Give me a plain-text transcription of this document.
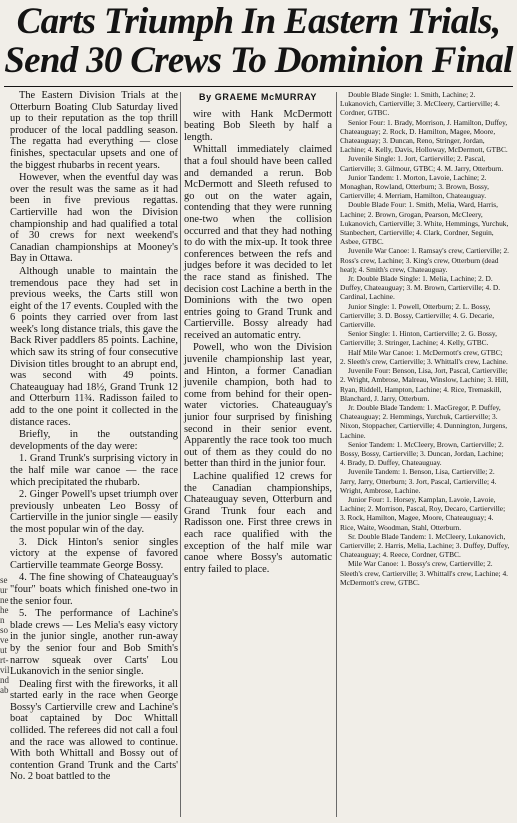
Carts Triumph In Eastern Trials,
Send 30 Crews To Dominion Final

The Eastern Division Trials at the Otterburn Boating Club Saturday lived up to their reputation as the top thrill producer of the local paddling season. The regatta had everything — close finishes, spectacular upsets and one of the biggest rhubarbs in recent years.

However, when the eventful day was over the result was the same as it had been in five previous regattas. Cartierville had won the Division championship and had qualified a total of 30 crews for next weekend's Canadian championships at Mooney's Bay in Ottawa.

Although unable to maintain the tremendous pace they had set in previous weeks, the Carts still won eight of the 17 events. Coupled with the 6 points they carried over from last week's long distance trials, this gave the Back River paddlers 85 points. Lachine, which saw its string of four consecutive Division titles brought to an abrupt end, was second with 49 points. Chateauguay had 18½, Grand Trunk 12 and Otterburn 11¾. Radisson failed to add to the one point it collected in the distance races.

Briefly, in the outstanding developments of the day were:

1. Grand Trunk's surprising victory in the half mile war canoe — the race which precipitated the rhubarb.

2. Ginger Powell's upset triumph over previously unbeaten Leo Bossy of Cartierville in the junior single — easily the most popular win of the day.

3. Dick Hinton's senior singles victory at the expense of favored Cartierville teammate George Bossy.

4. The fine showing of Chateauguay's "four" boats which finished one-two in the senior four.

5. The performance of Lachine's blade crews — Les Melia's easy victory in the junior single, another run-away by the senior four and Bob Smith's narrow squeak over Carts' Lou Lukanovich in the senior single.

Dealing first with the fireworks, it all started early in the race when George Bossy's Cartierville crew and Lachine's boat captained by Doc Whittall collided. The referees did not call a foul and the race was allowed to continue. With both Whittall and Bossy out of contention Grand Trunk and the Carts' No. 2 boat battled to the

By GRAEME McMURRAY

wire with Hank McDermott beating Bob Sleeth by half a length.

Whittall immediately claimed that a foul should have been called and demanded a rerun. Bob McDermott and Sleeth refused to go out on the water again, contending that they were running one-two when the collision occurred and that they had nothing to do with the mix-up. It took three conferences between the refs and judges before it was decided to let the race stand as finished. The decision cost Lachine a berth in the Dominions with the two open entries going to Grand Trunk and Cartierville. Bossy already had received an automatic entry.

Powell, who won the Division juvenile championship last year, and Hinton, a former Canadian juvenile champion, both had to come from behind for their open-water victories. Chateauguay's junior four surprised by finishing second in their senior event. Apparently the race took too much out of them as they could do no better than third in the junior four.

Lachine qualified 12 crews for the Canadian championships, Chateauguay seven, Otterburn and Grand Trunk four each and Radisson one. First three crews in each race qualified with the exception of the half mile war canoe where Bossy's automatic entry failed to place.

Double Blade Single: 1. Smith, Lachine; 2. Lukanovich, Cartierville; 3. McCleery, Cartierville; 4. Cordner, GTBC.

Senior Four: 1. Brady, Morrison, J. Hamilton, Duffey, Chateauguay; 2. Rock, D. Hamilton, Magee, Moore, Chateauguay; 3. Duncan, Reno, Stringer, Jordan, Lachine; 4. Kelly, Davis, Holloway, McDermott, GTBC.

Juvenile Single: 1. Jort, Cartierville; 2. Pascal, Cartierville; 3. Gilmour, GTBC; 4. M. Jarry, Otterburn.

Junior Tandem: 1. Morton, Lavoie, Lachine; 2. Monaghan, Rowland, Otterburn; 3. Brown, Bossy, Cartierville; 4. Merriam, Hamilton, Chateauguay.

Double Blade Four: 1. Smith, Melia, Ward, Harris, Lachine; 2. Brown, Grogan, Pearson, McCleery, Lukanovich, Cartierville; 3. White, Hemmings, Yurchuk, Stanbechert, Cartierville; 4. Clark, Cordner, Seguin, Asbee, GTBC.

Juvenile War Canoe: 1. Ramsay's crew, Cartierville; 2. Ross's crew, Lachine; 3. King's crew, Otterburn (dead heat); 4. Smith's crew, Chateauguay.

Jr. Double Blade Single: 1. Melia, Lachine; 2. D. Duffey, Chateauguay; 3. M. Brown, Cartierville; 4. D. Cardinal, Lachine.

Junior Single: 1. Powell, Otterburn; 2. L. Bossy, Cartierville; 3. D. Bossy, Cartierville; 4. G. Decarie, Cartierville.

Senior Single: 1. Hinton, Cartierville; 2. G. Bossy, Cartierville; 3. Stringer, Lachine; 4. Kelly, GTBC.

Half Mile War Canoe: 1. McDermott's crew, GTBC; 2. Sleeth's crew, Cartierville; 3. Whittall's crew, Lachine.

Juvenile Four: Benson, Lisa, Jort, Pascal, Cartierville; 2. Wright, Ambrose, Malreau, Winslow, Lachine; 3. Hill, Ryan, Riddell, Hampton, Lachine; 4. Rice, Tremaskill, Blanchard, J. Jarry, Otterburn.

Jr. Double Blade Tandem: 1. MacGregor, P. Duffey, Chateauguay; 2. Hemmings, Yurchuk, Cartierville; 3. Nixon, Stoppacher, Cartierville; 4. Dunnington, Jurgens, Lachine.

Senior Tandem: 1. McCleery, Brown, Cartierville; 2. Bossy, Bossy, Cartierville; 3. Duncan, Jordan, Lachine; 4. Brady, D. Duffey, Chateauguay.

Juvenile Tandem: 1. Benson, Lisa, Cartierville; 2. Jarry, Jarry, Otterburn; 3. Jort, Pascal, Cartierville; 4. Wright, Ambrose, Lachine.

Junior Four: 1. Horsey, Kamplan, Lavoie, Lavoie, Lachine; 2. Morrison, Pascal, Roy, Decaro, Cartierville; 3. Rock, Hamilton, Magee, Moore, Chateauguay; 4. Rice, Waite, Woodman, Stahl, Otterburn.

Sr. Double Blade Tandem: 1. McCleery, Lukanovich, Cartierville; 2. Harris, Melia, Lachine; 3. Duffey, Duffey, Chateauguay; 4. Reece, Cordner, GTBC.

Mile War Canoe: 1. Bossy's crew, Cartierville; 2. Sleeth's crew, Cartierville; 3. Whittall's crew, Lachine; 4. McDermott's crew, GTBC.

se
ur
ne
he
n
so
ve
ut
rt-
vil
nd
ab
